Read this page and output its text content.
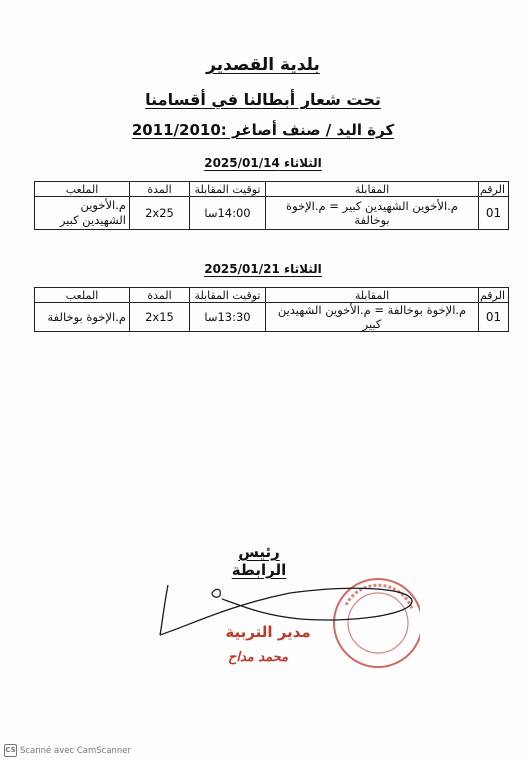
بلدية القصدير
تحت شعار أبطالنا في أقسامنا
كرة اليد / صنف أصاغر :2011/2010
الثلاثاء 2025/01/14
الرقم	المقابلة	توقيت المقابلة	المدة	الملعب
01	م.الأخوين الشهيدين كبير = م.الإخوة بوخالفة	14:00سا	2x25	م.الأخوين الشهيدين كبير
الثلاثاء 2025/01/21
الرقم	المقابلة	توقيت المقابلة	المدة	الملعب
01	م.الإخوة بوخالفة = م.الأخوين الشهيدين كبير	13:30سا	2x15	م.الإخوة بوخالفة
رئيس الرابطة
مدير التربية
محمد مداح
CS Scanné avec CamScanner
